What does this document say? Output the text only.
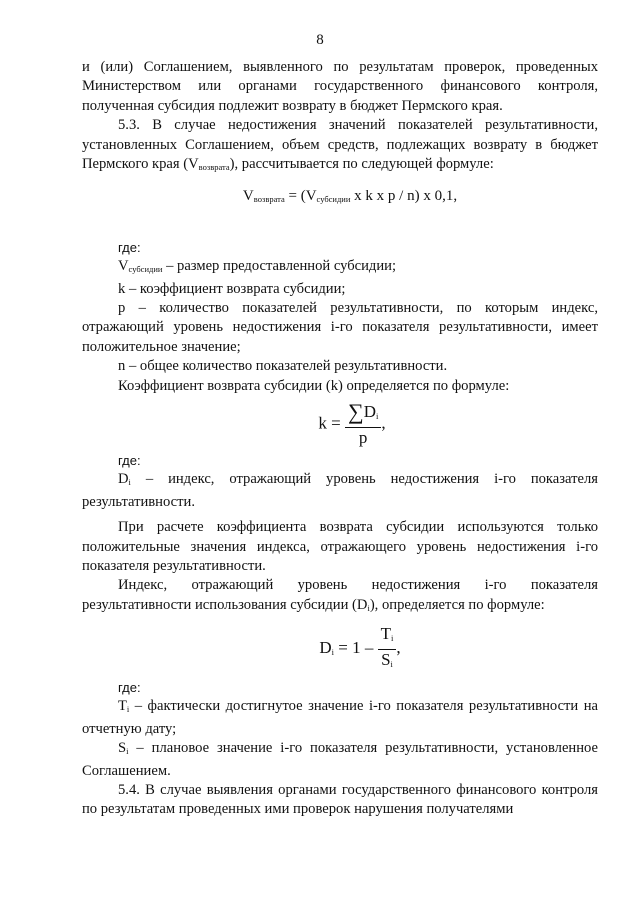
8

и (или) Соглашением, выявленного по результатам проверок, проведенных Министерством или органами государственного финансового контроля, полученная субсидия подлежит возврату в бюджет Пермского края.

5.3. В случае недостижения значений показателей результативности, установленных Соглашением, объем средств, подлежащих возврату в бюджет Пермского края $(V_{возврата})$, рассчитывается по следующей формуле:

$V_{возврата} = (V_{субсидии}$ x k x p / n) x 0,1,

где:

$V_{субсидии}$ – размер предоставленной субсидии;

k – коэффициент возврата субсидии;

p – количество показателей результативности, по которым индекс, отражающий уровень недостижения i-го показателя результативности, имеет положительное значение;

n – общее количество показателей результативности.

Коэффициент возврата субсидии (k) определяется по формуле:

$k = \frac{\sum D_i}{p}$ ,

где:

$D_i$ – индекс, отражающий уровень недостижения i-го показателя результативности.

При расчете коэффициента возврата субсидии используются только положительные значения индекса, отражающего уровень недостижения i-го показателя результативности.

Индекс, отражающий уровень недостижения i-го показателя результативности использования субсидии $(D_i)$, определяется по формуле:

$D_i = 1 - \frac{T_i}{S_i}$ ,

где:

$T_i$ – фактически достигнутое значение i-го показателя результативности на отчетную дату;

$S_i$ – плановое значение i-го показателя результативности, установленное Соглашением.

5.4. В случае выявления органами государственного финансового контроля по результатам проведенных ими проверок нарушения получателями
